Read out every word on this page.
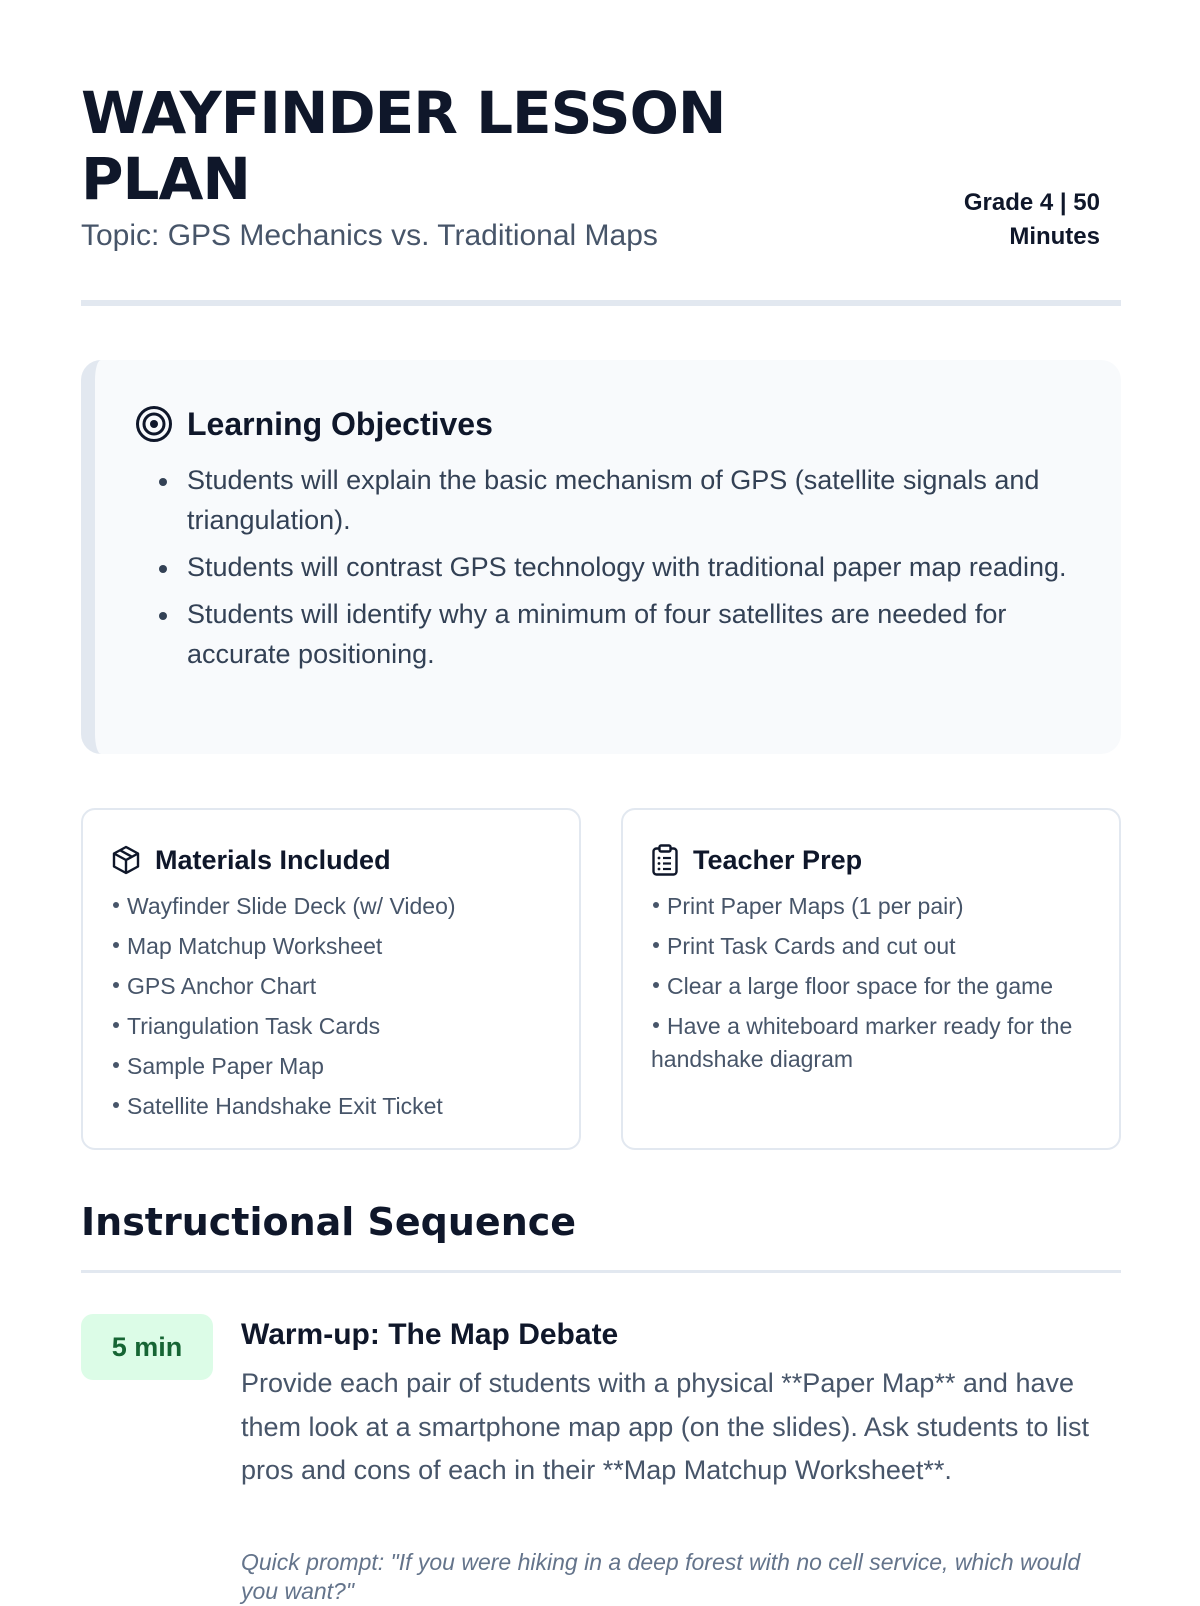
WAYFINDER LESSON PLAN
Topic: GPS Mechanics vs. Traditional Maps
Grade 4 | 50 Minutes
Learning Objectives
Students will explain the basic mechanism of GPS (satellite signals and triangulation).
Students will contrast GPS technology with traditional paper map reading.
Students will identify why a minimum of four satellites are needed for accurate positioning.
Materials Included
Wayfinder Slide Deck (w/ Video)
Map Matchup Worksheet
GPS Anchor Chart
Triangulation Task Cards
Sample Paper Map
Satellite Handshake Exit Ticket
Teacher Prep
Print Paper Maps (1 per pair)
Print Task Cards and cut out
Clear a large floor space for the game
Have a whiteboard marker ready for the handshake diagram
Instructional Sequence
5 min	Warm-up: The Map Debate
Provide each pair of students with a physical **Paper Map** and have them look at a smartphone map app (on the slides). Ask students to list pros and cons of each in their **Map Matchup Worksheet**.
Quick prompt: "If you were hiking in a deep forest with no cell service, which would you want?"
